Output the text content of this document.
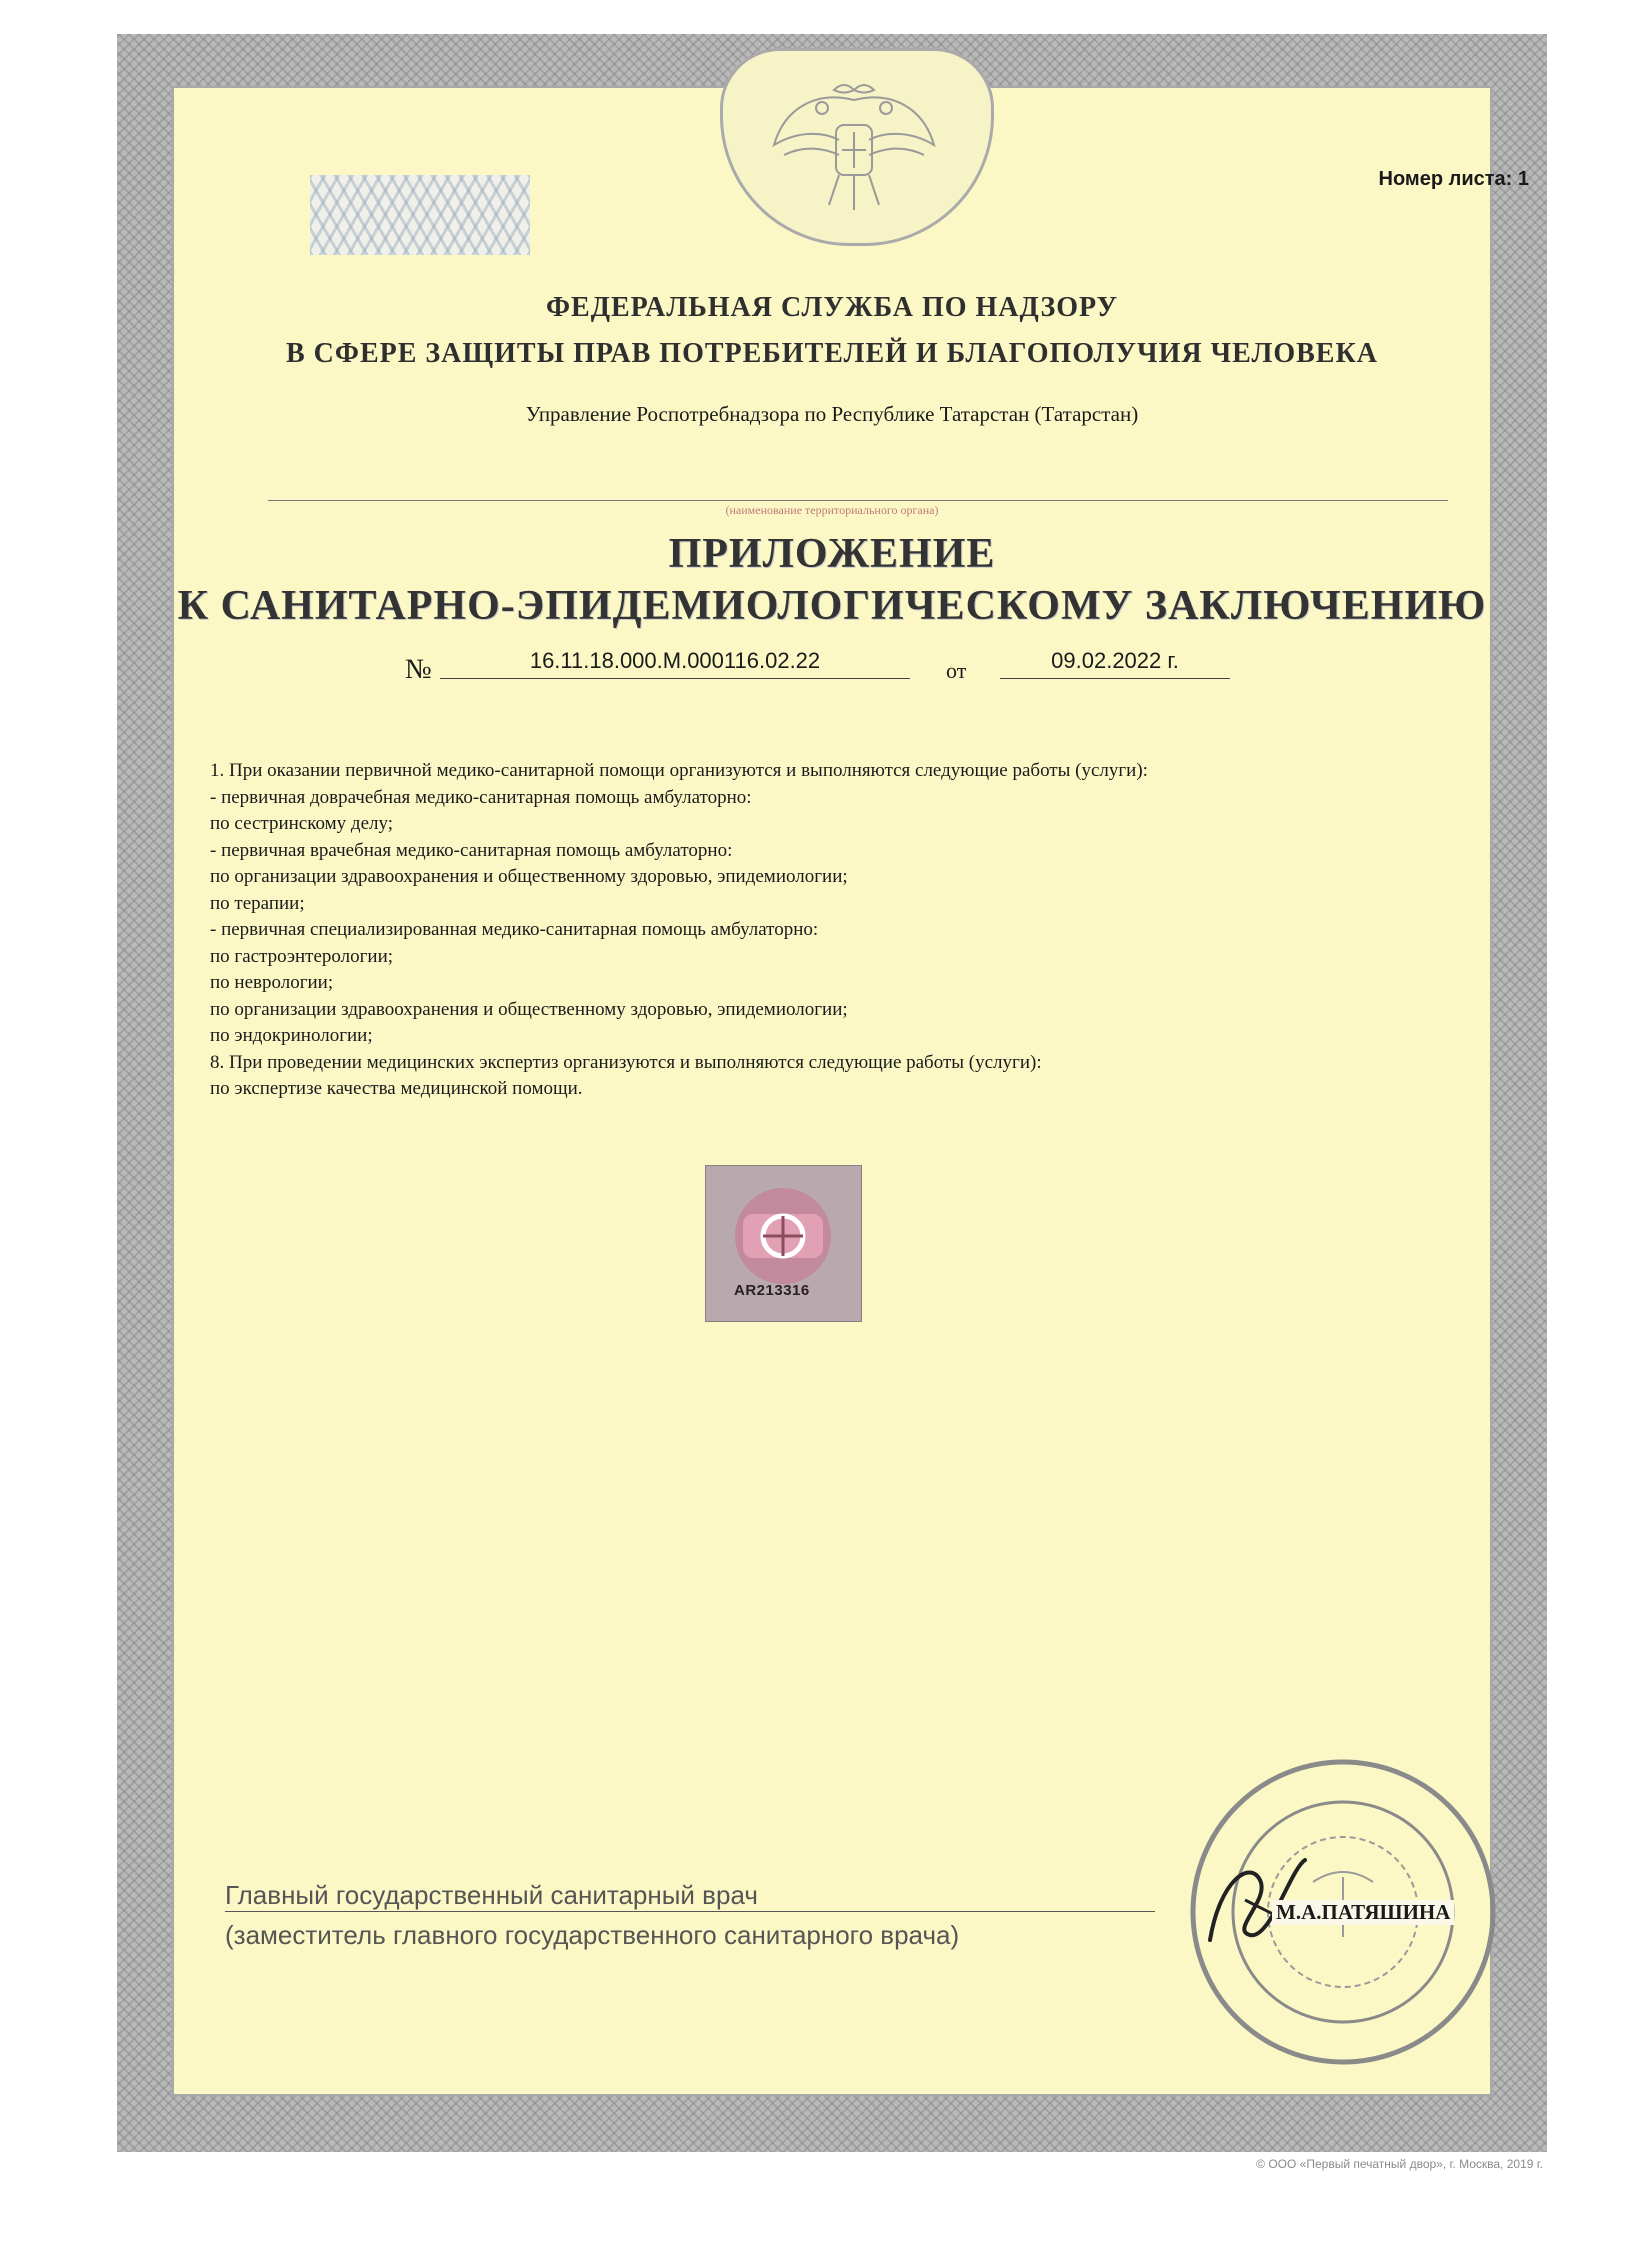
Номер листа: 1
ФЕДЕРАЛЬНАЯ СЛУЖБА ПО НАДЗОРУ
В СФЕРЕ ЗАЩИТЫ ПРАВ ПОТРЕБИТЕЛЕЙ И БЛАГОПОЛУЧИЯ ЧЕЛОВЕКА
Управление Роспотребнадзора по Республике Татарстан (Татарстан)
(наименование территориального органа)
ПРИЛОЖЕНИЕ
К САНИТАРНО-ЭПИДЕМИОЛОГИЧЕСКОМУ ЗАКЛЮЧЕНИЮ
№	16.11.18.000.М.000116.02.22	от	09.02.2022 г.
1. При оказании первичной медико-санитарной помощи организуются и выполняются следующие работы (услуги):
- первичная доврачебная медико-санитарная помощь амбулаторно:
по сестринскому делу;
- первичная врачебная медико-санитарная помощь амбулаторно:
по организации здравоохранения и общественному здоровью, эпидемиологии;
по терапии;
- первичная специализированная медико-санитарная помощь амбулаторно:
по гастроэнтерологии;
по неврологии;
по организации здравоохранения и общественному здоровью, эпидемиологии;
по эндокринологии;
8. При проведении медицинских экспертиз организуются и выполняются следующие работы (услуги):
по экспертизе качества медицинской помощи.
AR213316
Главный государственный санитарный врач
(заместитель главного государственного санитарного врача)
М.А.ПАТЯШИНА
© ООО «Первый печатный двор», г. Москва, 2019 г.
